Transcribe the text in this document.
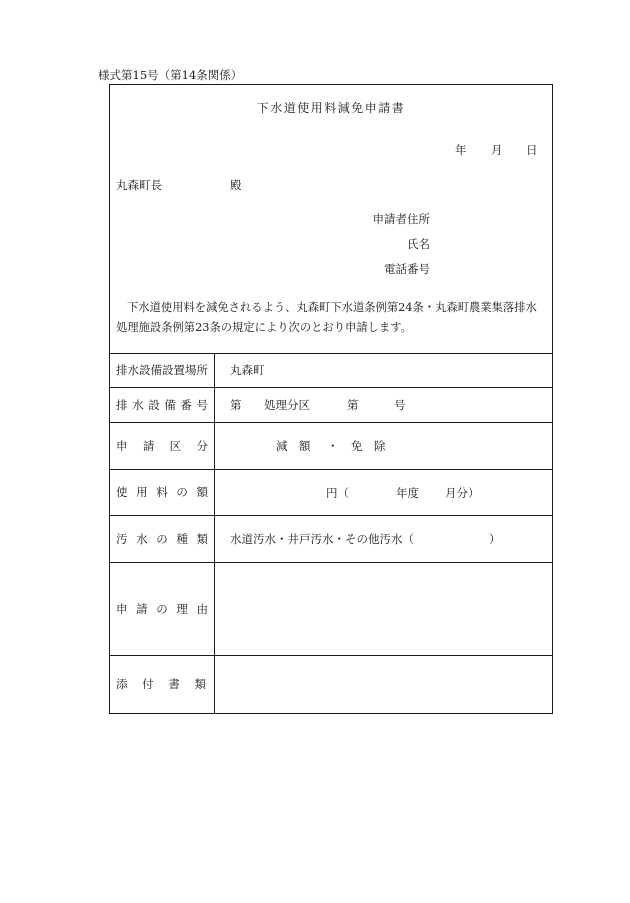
様式第15号（第14条関係）
下水道使用料減免申請書
年 月 日
丸森町長	殿
申請者住所
氏名
電話番号
下水道使用料を減免されるよう、丸森町下水道条例第24条・丸森町農業集落排水処理施設条例第23条の規定により次のとおり申請します。
排水設備設置場所 丸森町
排 水 設 備 番 号 第 処理分区	第	号
申 請 区 分	減　額 ・ 免　除
使 用 料 の 額	円（	年度 月分）
汚 水 の 種 類 水道汚水・井戸汚水・その他汚水（	）
申 請 の 理 由
添 付 書 類
